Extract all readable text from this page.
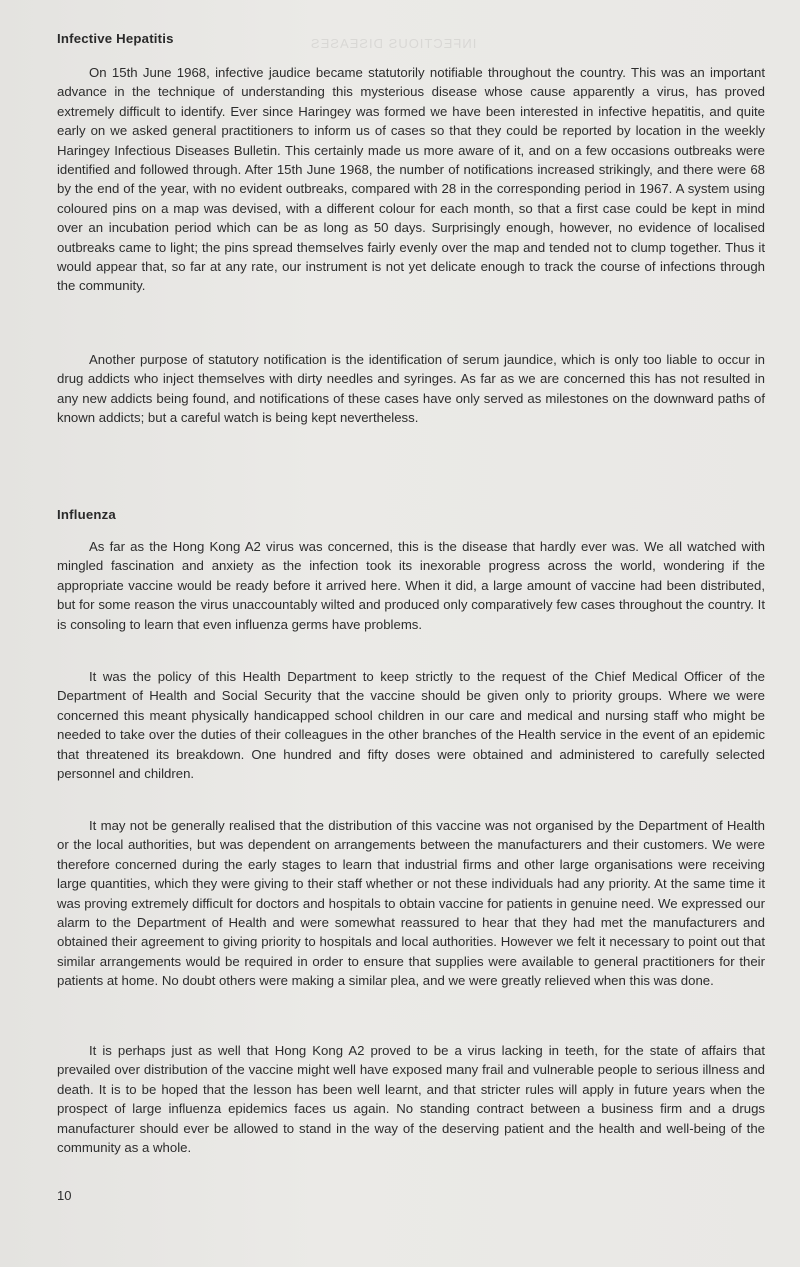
INFECTIOUS DISEASES
Infective Hepatitis

On 15th June 1968, infective jaudice became statutorily notifiable throughout the country. This was an important advance in the technique of understanding this mysterious disease whose cause apparently a virus, has proved extremely difficult to identify. Ever since Haringey was formed we have been interested in infective hepatitis, and quite early on we asked general practitioners to inform us of cases so that they could be reported by location in the weekly Haringey Infectious Diseases Bulletin. This certainly made us more aware of it, and on a few occasions outbreaks were identified and followed through. After 15th June 1968, the number of notifications increased strikingly, and there were 68 by the end of the year, with no evident outbreaks, compared with 28 in the corresponding period in 1967. A system using coloured pins on a map was devised, with a different colour for each month, so that a first case could be kept in mind over an incubation period which can be as long as 50 days. Surprisingly enough, however, no evidence of localised outbreaks came to light; the pins spread themselves fairly evenly over the map and tended not to clump together. Thus it would appear that, so far at any rate, our instrument is not yet delicate enough to track the course of infections through the community.

Another purpose of statutory notification is the identification of serum jaundice, which is only too liable to occur in drug addicts who inject themselves with dirty needles and syringes. As far as we are concerned this has not resulted in any new addicts being found, and notifications of these cases have only served as milestones on the downward paths of known addicts; but a careful watch is being kept nevertheless.

Influenza

As far as the Hong Kong A2 virus was concerned, this is the disease that hardly ever was. We all watched with mingled fascination and anxiety as the infection took its inexorable progress across the world, wondering if the appropriate vaccine would be ready before it arrived here. When it did, a large amount of vaccine had been distributed, but for some reason the virus unaccountably wilted and produced only comparatively few cases throughout the country. It is consoling to learn that even influenza germs have problems.

It was the policy of this Health Department to keep strictly to the request of the Chief Medical Officer of the Department of Health and Social Security that the vaccine should be given only to priority groups. Where we were concerned this meant physically handicapped school children in our care and medical and nursing staff who might be needed to take over the duties of their colleagues in the other branches of the Health service in the event of an epidemic that threatened its breakdown. One hundred and fifty doses were obtained and administered to carefully selected personnel and children.

It may not be generally realised that the distribution of this vaccine was not organised by the Department of Health or the local authorities, but was dependent on arrangements between the manufacturers and their customers. We were therefore concerned during the early stages to learn that industrial firms and other large organisations were receiving large quantities, which they were giving to their staff whether or not these individuals had any priority. At the same time it was proving extremely difficult for doctors and hospitals to obtain vaccine for patients in genuine need. We expressed our alarm to the Department of Health and were somewhat reassured to hear that they had met the manufacturers and obtained their agreement to giving priority to hospitals and local authorities. However we felt it necessary to point out that similar arrangements would be required in order to ensure that supplies were available to general practitioners for their patients at home. No doubt others were making a similar plea, and we were greatly relieved when this was done.

It is perhaps just as well that Hong Kong A2 proved to be a virus lacking in teeth, for the state of affairs that prevailed over distribution of the vaccine might well have exposed many frail and vulnerable people to serious illness and death. It is to be hoped that the lesson has been well learnt, and that stricter rules will apply in future years when the prospect of large influenza epidemics faces us again. No standing contract between a business firm and a drugs manufacturer should ever be allowed to stand in the way of the deserving patient and the health and well-being of the community as a whole.

10
